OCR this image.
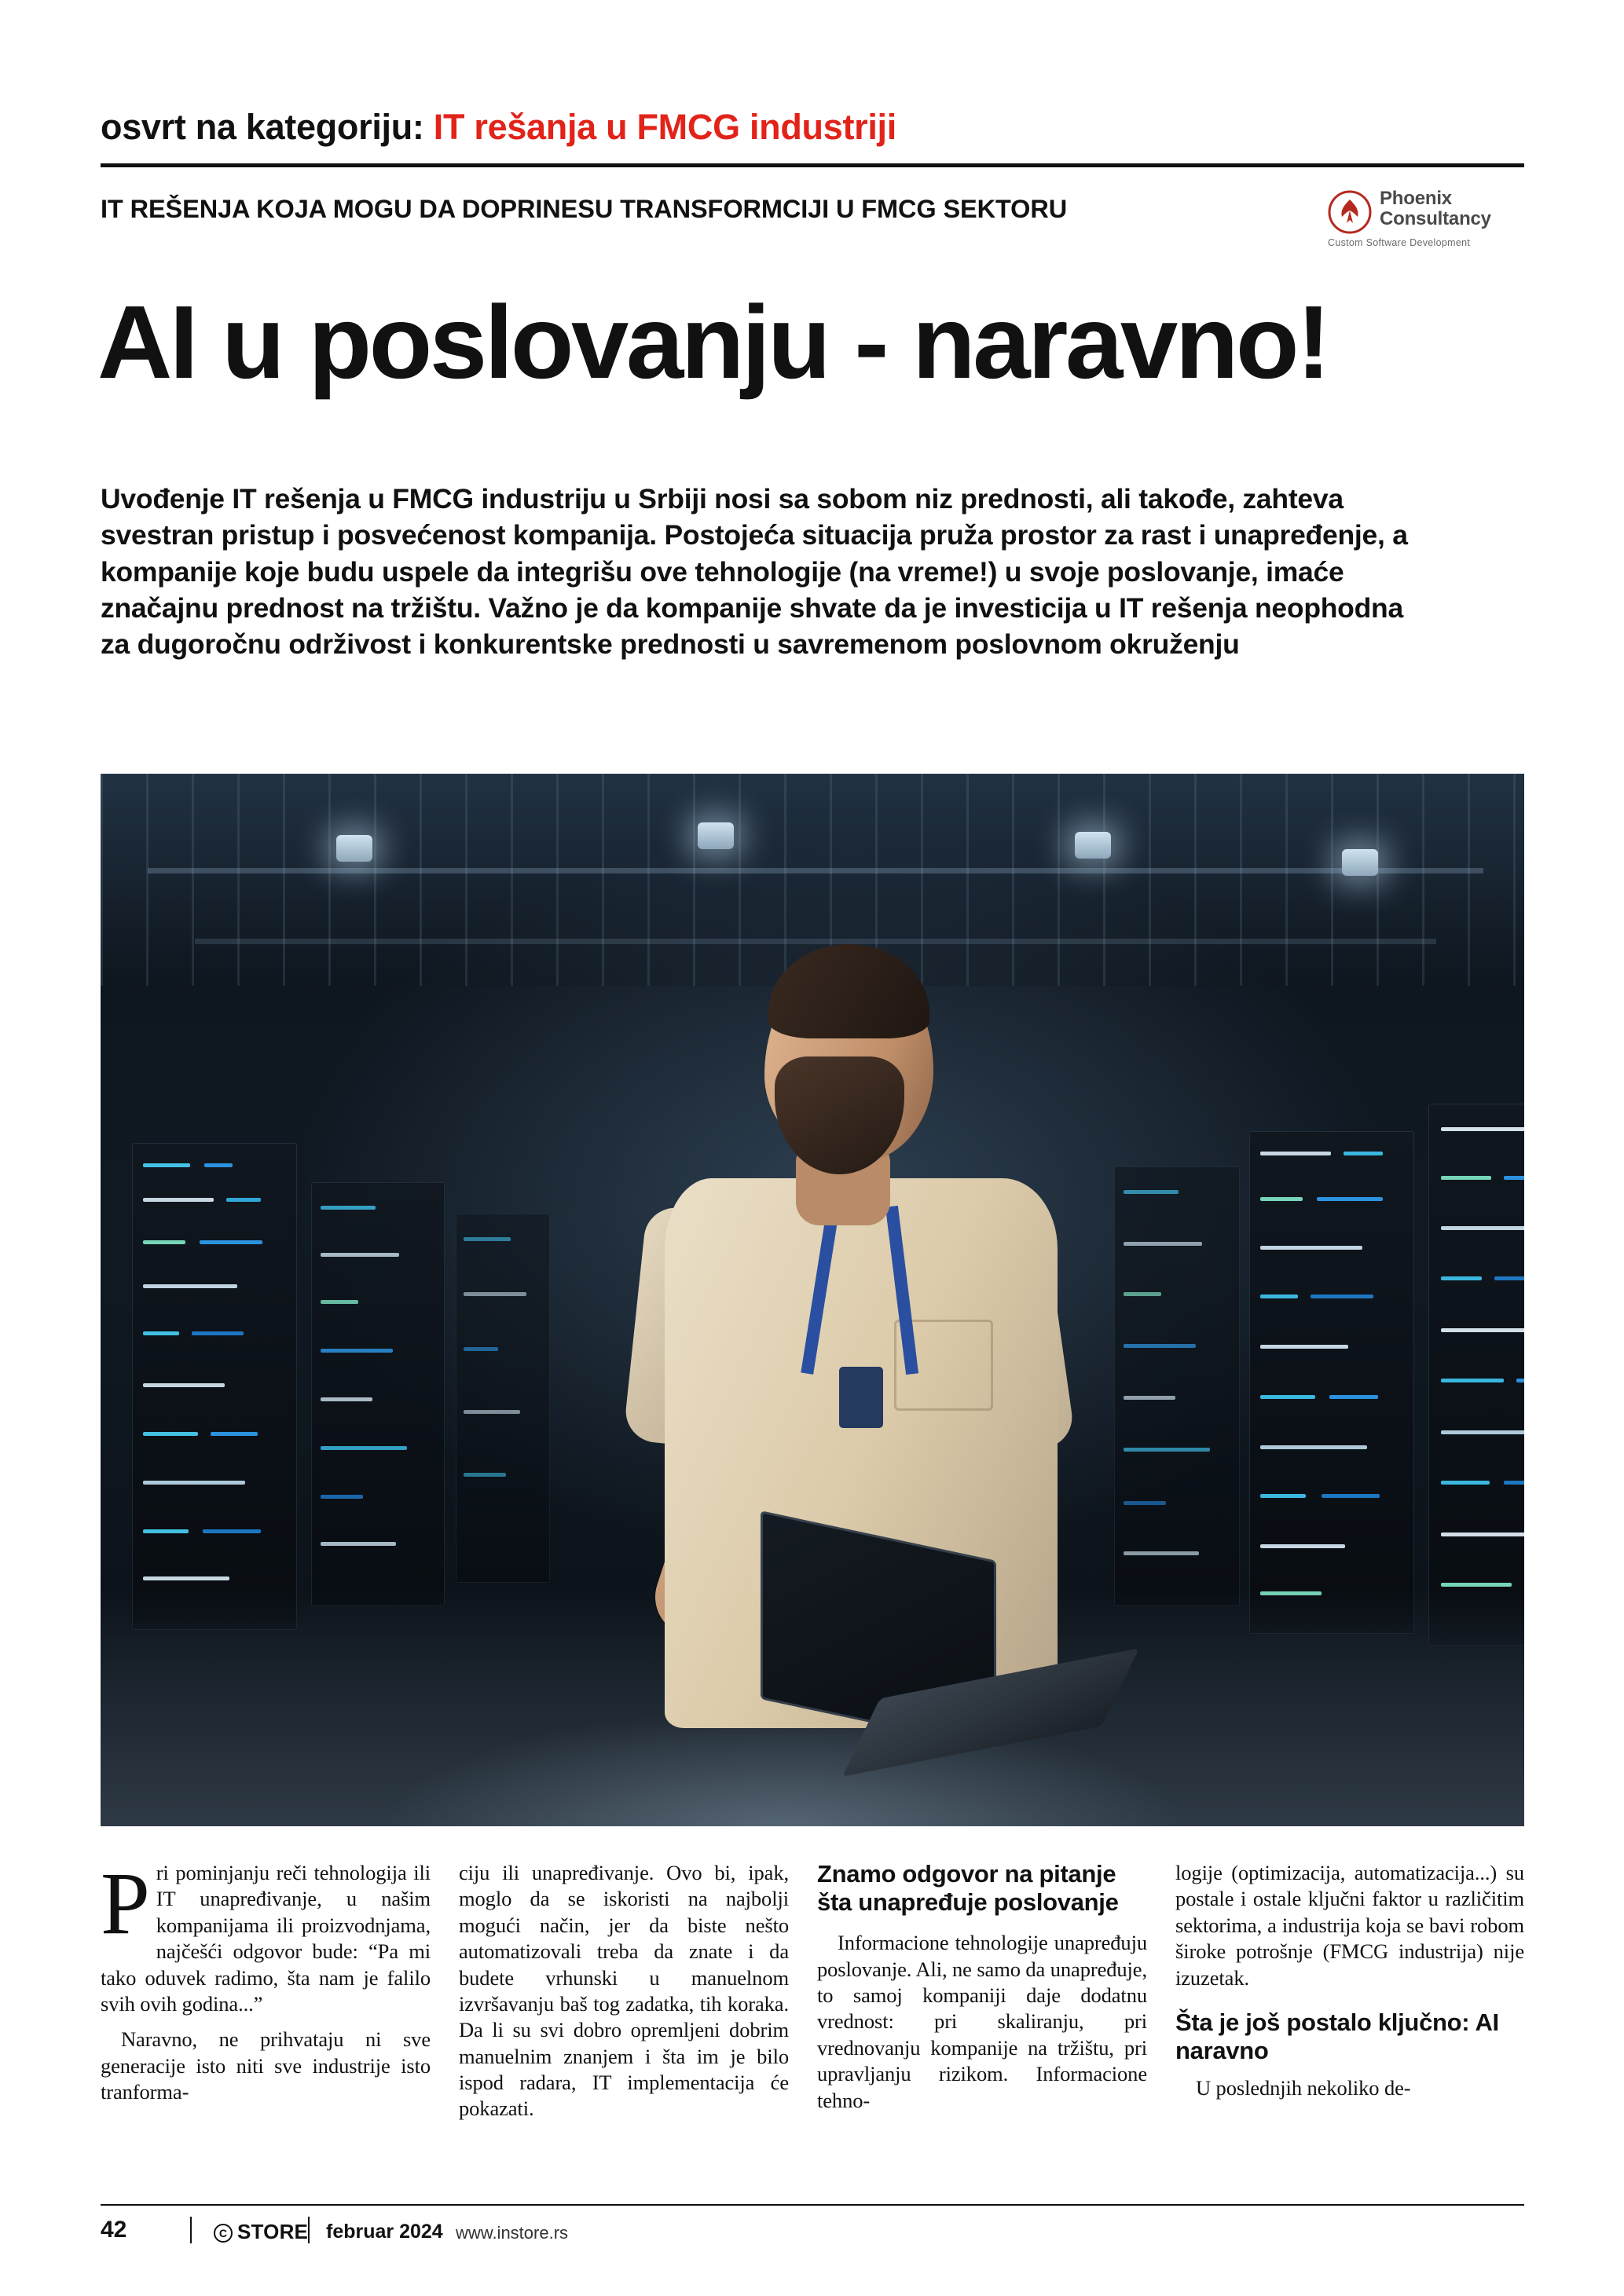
osvrt na kategoriju: IT rešanja u FMCG industriji
IT REŠENJA KOJA MOGU DA DOPRINESU TRANSFORMCIJI U FMCG SEKTORU	Phoenix
Consultancy
Custom Software Development
AI u poslovanju - naravno!
Uvođenje IT rešenja u FMCG industriju u Srbiji nosi sa sobom niz prednosti, ali takođe, zahteva svestran pristup i posvećenost kompanija. Postojeća situacija pruža prostor za rast i unapređenje, a kompanije koje budu uspele da integrišu ove tehnologije (na vreme!) u svoje poslovanje, imaće značajnu prednost na tržištu. Važno je da kompanije shvate da je investicija u IT rešenja neophodna za dugoročnu održivost i konkurentske prednosti u savremenom poslovnom okruženju

Pri pominjanju reči tehnologija ili IT unapređivanje, u našim kompanijama ili proizvodnjama, najčešći odgovor bude: “Pa mi tako oduvek radimo, šta nam je falilo svih ovih godina...”

Naravno, ne prihvataju ni sve generacije isto niti sve industrije isto tranforma-

ciju ili unapređivanje. Ovo bi, ipak, moglo da se iskoristi na najbolji mogući način, jer da biste nešto automatizovali treba da znate i da budete vrhunski u manuelnom izvršavanju baš tog zadatka, tih koraka. Da li su svi dobro opremljeni dobrim manuelnim znanjem i šta im je bilo ispod radara, IT implementacija će pokazati.

Znamo odgovor na pitanje šta unapređuje poslovanje

Informacione tehnologije unapređuju poslovanje. Ali, ne samo da unapređuje, to samoj kompaniji daje dodatnu vrednost: pri skaliranju, pri vrednovanju kompanije na tržištu, pri upravljanju rizikom. Informacione tehno-

logije (optimizacija, automatizacija...) su postale i ostale ključni faktor u različitim sektorima, a industrija koja se bavi robom široke potrošnje (FMCG industrija) nije izuzetak.

Šta je još postalo ključno: AI naravno

U poslednjih nekoliko de-

42	C STORE februar 2024 www.instore.rs
